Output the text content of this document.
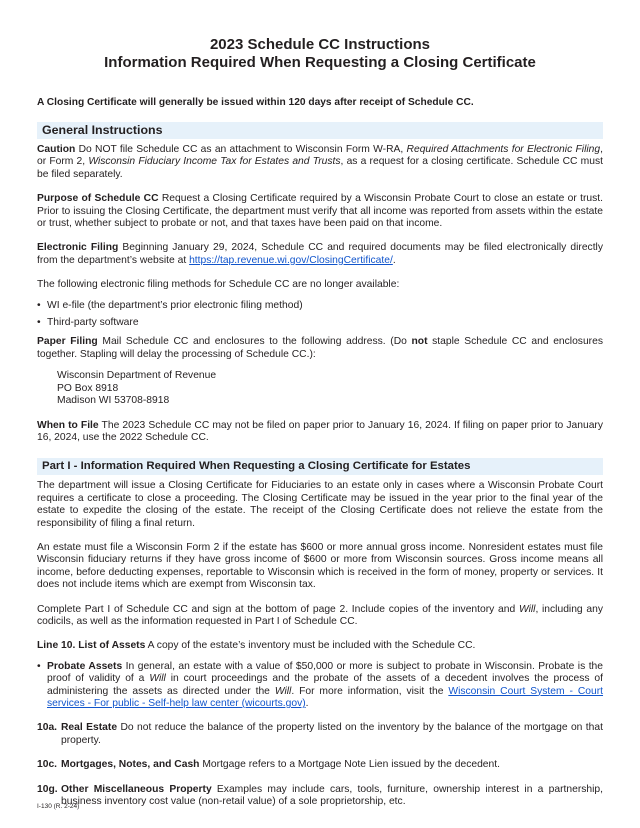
2023 Schedule CC Instructions
Information Required When Requesting a Closing Certificate
A Closing Certificate will generally be issued within 120 days after receipt of Schedule CC.
General Instructions

Caution Do NOT file Schedule CC as an attachment to Wisconsin Form W-RA, Required Attachments for Electronic Filing, or Form 2, Wisconsin Fiduciary Income Tax for Estates and Trusts, as a request for a closing certificate. Schedule CC must be filed separately.

Purpose of Schedule CC Request a Closing Certificate required by a Wisconsin Probate Court to close an estate or trust. Prior to issuing the Closing Certificate, the department must verify that all income was reported from assets within the estate or trust, whether subject to probate or not, and that taxes have been paid on that income.

Electronic Filing Beginning January 29, 2024, Schedule CC and required documents may be filed electronically directly from the department’s website at https://tap.revenue.wi.gov/ClosingCertificate/.

The following electronic filing methods for Schedule CC are no longer available:

• WI e-file (the department’s prior electronic filing method)
• Third-party software

Paper Filing Mail Schedule CC and enclosures to the following address. (Do not staple Schedule CC and enclosures together. Stapling will delay the processing of Schedule CC.):

Wisconsin Department of Revenue
PO Box 8918
Madison WI 53708-8918

When to File The 2023 Schedule CC may not be filed on paper prior to January 16, 2024. If filing on paper prior to January 16, 2024, use the 2022 Schedule CC.

Part I - Information Required When Requesting a Closing Certificate for Estates

The department will issue a Closing Certificate for Fiduciaries to an estate only in cases where a Wisconsin Probate Court requires a certificate to close a proceeding. The Closing Certificate may be issued in the year prior to the final year of the estate to expedite the closing of the estate. The receipt of the Closing Certificate does not relieve the estate from the responsibility of filing a final return.

An estate must file a Wisconsin Form 2 if the estate has $600 or more annual gross income. Nonresident estates must file Wisconsin fiduciary returns if they have gross income of $600 or more from Wisconsin sources. Gross income means all income, before deducting expenses, reportable to Wisconsin which is received in the form of money, property or services. It does not include items which are exempt from Wisconsin tax.

Complete Part I of Schedule CC and sign at the bottom of page 2. Include copies of the inventory and Will, including any codicils, as well as the information requested in Part I of Schedule CC.

Line 10. List of Assets A copy of the estate’s inventory must be included with the Schedule CC.

• Probate Assets In general, an estate with a value of $50,000 or more is subject to probate in Wisconsin. Probate is the proof of validity of a Will in court proceedings and the probate of the assets of a decedent involves the process of administering the assets as directed under the Will. For more information, visit the Wisconsin Court System - Court services - For public - Self-help law center (wicourts.gov).
10a. Real Estate Do not reduce the balance of the property listed on the inventory by the balance of the mortgage on that property.
10c. Mortgages, Notes, and Cash Mortgage refers to a Mortgage Note Lien issued by the decedent.
10g. Other Miscellaneous Property Examples may include cars, tools, furniture, ownership interest in a partnership, business inventory cost value (non-retail value) of a sole proprietorship, etc.
I-130 (R. 2-24)
